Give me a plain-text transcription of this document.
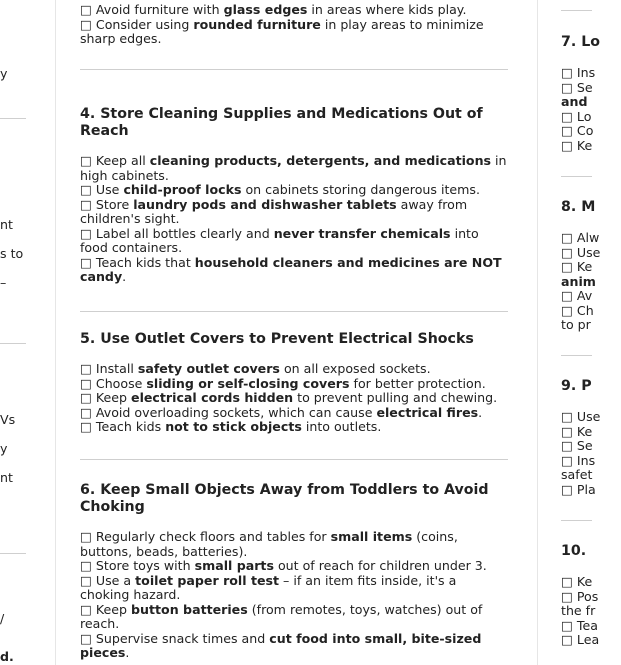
y
nt
s to
–
Vs
y
nt
/
d.
□ Avoid furniture with glass edges in areas where kids play.
□ Consider using rounded furniture in play areas to minimize sharp edges.
4. Store Cleaning Supplies and Medications Out of Reach
□ Keep all cleaning products, detergents, and medications in high cabinets.
□ Use child-proof locks on cabinets storing dangerous items.
□ Store laundry pods and dishwasher tablets away from children's sight.
□ Label all bottles clearly and never transfer chemicals into food containers.
□ Teach kids that household cleaners and medicines are NOT candy.
5. Use Outlet Covers to Prevent Electrical Shocks
□ Install safety outlet covers on all exposed sockets.
□ Choose sliding or self-closing covers for better protection.
□ Keep electrical cords hidden to prevent pulling and chewing.
□ Avoid overloading sockets, which can cause electrical fires.
□ Teach kids not to stick objects into outlets.
6. Keep Small Objects Away from Toddlers to Avoid Choking
□ Regularly check floors and tables for small items (coins, buttons, beads, batteries).
□ Store toys with small parts out of reach for children under 3.
□ Use a toilet paper roll test – if an item fits inside, it's a choking hazard.
□ Keep button batteries (from remotes, toys, watches) out of reach.
□ Supervise snack times and cut food into small, bite-sized pieces.
7. Lo
□ Ins
□ Se
and
□ Lo
□ Co
□ Ke
8. M
□ Alw
□ Use
□ Ke
anim
□ Av
□ Ch
to pr
9. P
□ Use
□ Ke
□ Se
□ Ins
safet
□ Pla
10.
□ Ke
□ Pos
the fr
□ Tea
□ Lea
